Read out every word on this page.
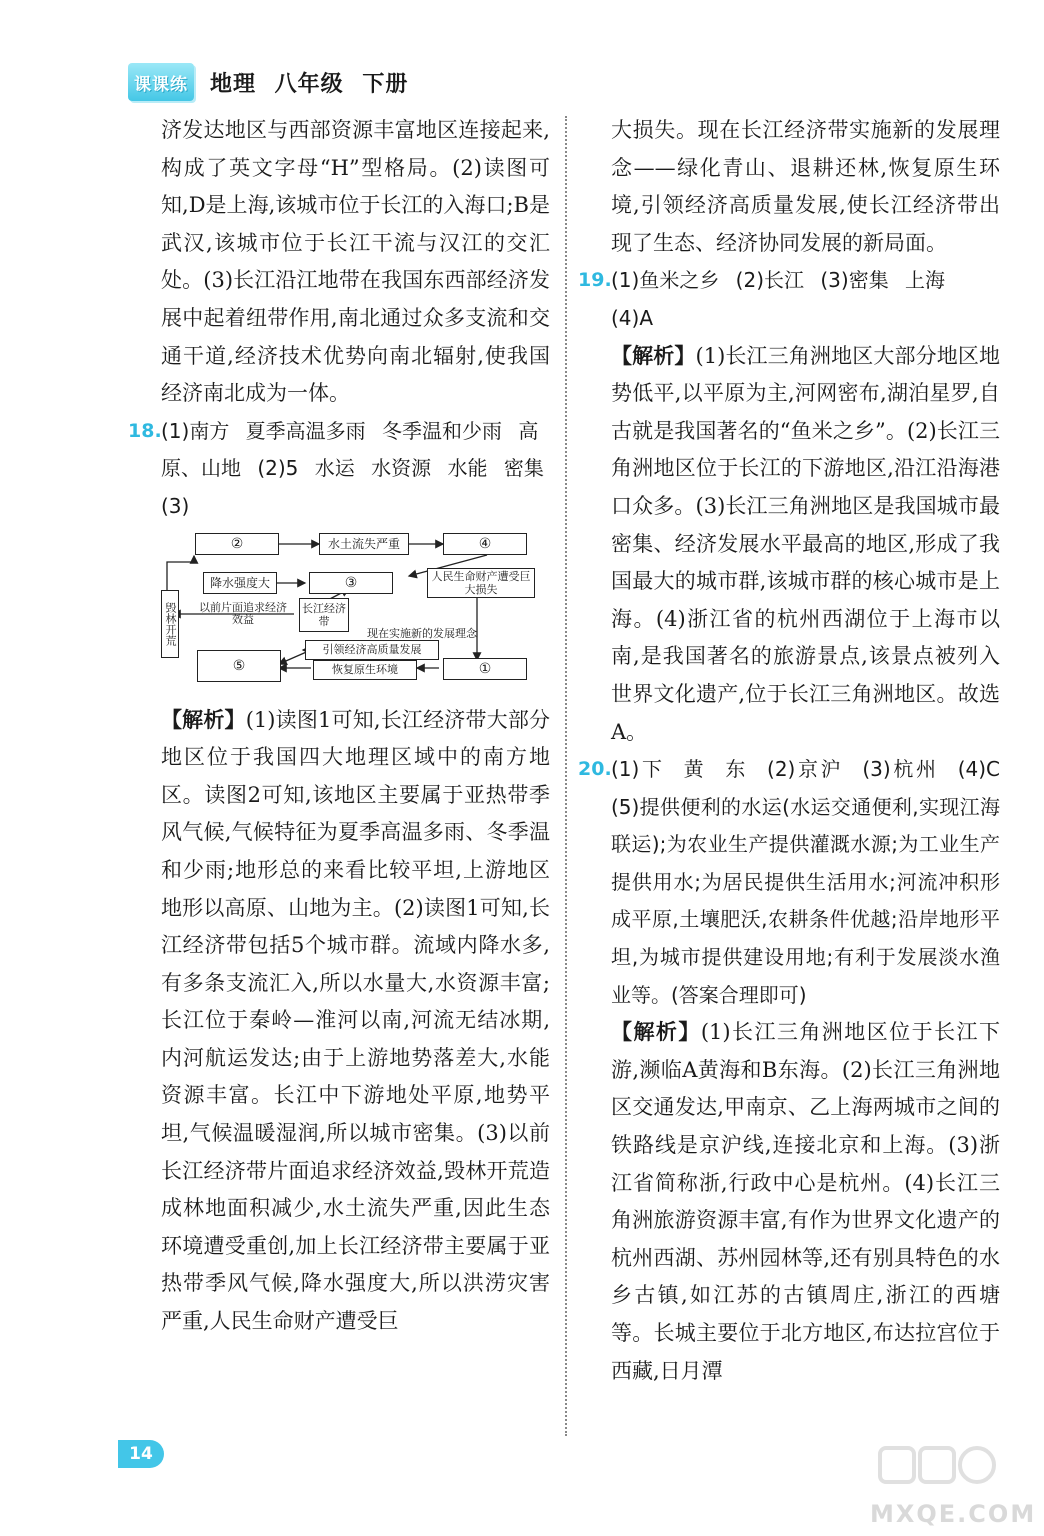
课 课 练 地理 八年级 下册

济发达地区与西部资源丰富地区连接起来,构成了英文字母“H”型格局。(2)读图可知,D是上海,该城市位于长江的入海口;B是武汉,该城市位于长江干流与汉江的交汇处。(3)长江沿江地带在我国东西部经济发展中起着纽带作用,南北通过众多支流和交通干道,经济技术优势向南北辐射,使我国经济南北成为一体。

18. (1)南方 夏季高温多雨 冬季温和少雨 高原、山地 (2)5 水运 水资源 水能 密集

(3)

②	水土流失严重	④
降水强度大	③	人民生命财产遭受巨大损失
毁林开荒 以前片面追求经济效益
长江经济带
现在实施新的发展理念
引领经济高质量发展
⑤	恢复原生环境	①

【解析】(1)读图1可知,长江经济带大部分地区位于我国四大地理区域中的南方地区。读图2可知,该地区主要属于亚热带季风气候,气候特征为夏季高温多雨、冬季温和少雨;地形总的来看比较平坦,上游地区地形以高原、山地为主。(2)读图1可知,长江经济带包括5个城市群。流域内降水多,有多条支流汇入,所以水量大,水资源丰富;长江位于秦岭—淮河以南,河流无结冰期,内河航运发达;由于上游地势落差大,水能资源丰富。长江中下游地处平原,地势平坦,气候温暖湿润,所以城市密集。(3)以前长江经济带片面追求经济效益,毁林开荒造成林地面积减少,水土流失严重,因此生态环境遭受重创,加上长江经济带主要属于亚热带季风气候,降水强度大,所以洪涝灾害严重,人民生命财产遭受巨

大损失。现在长江经济带实施新的发展理念——绿化青山、退耕还林,恢复原生环境,引领经济高质量发展,使长江经济带出现了生态、经济协同发展的新局面。

19. (1)鱼米之乡 (2)长江 (3)密集 上海 (4)A

【解析】(1)长江三角洲地区大部分地区地势低平,以平原为主,河网密布,湖泊星罗,自古就是我国著名的“鱼米之乡”。(2)长江三角洲地区位于长江的下游地区,沿江沿海港口众多。(3)长江三角洲地区是我国城市最密集、经济发展水平最高的地区,形成了我国最大的城市群,该城市群的核心城市是上海。(4)浙江省的杭州西湖位于上海市以南,是我国著名的旅游景点,该景点被列入世界文化遗产,位于长江三角洲地区。故选A。

20. (1)下 黄 东 (2)京沪 (3)杭州 (4)C (5)提供便利的水运(水运交通便利,实现江海联运);为农业生产提供灌溉水源;为工业生产提供用水;为居民提供生活用水;河流冲积形成平原,土壤肥沃,农耕条件优越;沿岸地形平坦,为城市提供建设用地;有利于发展淡水渔业等。(答案合理即可)

【解析】(1)长江三角洲地区位于长江下游,濒临A黄海和B东海。(2)长江三角洲地区交通发达,甲南京、乙上海两城市之间的铁路线是京沪线,连接北京和上海。(3)浙江省简称浙,行政中心是杭州。(4)长江三角洲旅游资源丰富,有作为世界文化遗产的杭州西湖、苏州园林等,还有别具特色的水乡古镇,如江苏的古镇周庄,浙江的西塘等。长城主要位于北方地区,布达拉宫位于西藏,日月潭

14
MXQE.COM
